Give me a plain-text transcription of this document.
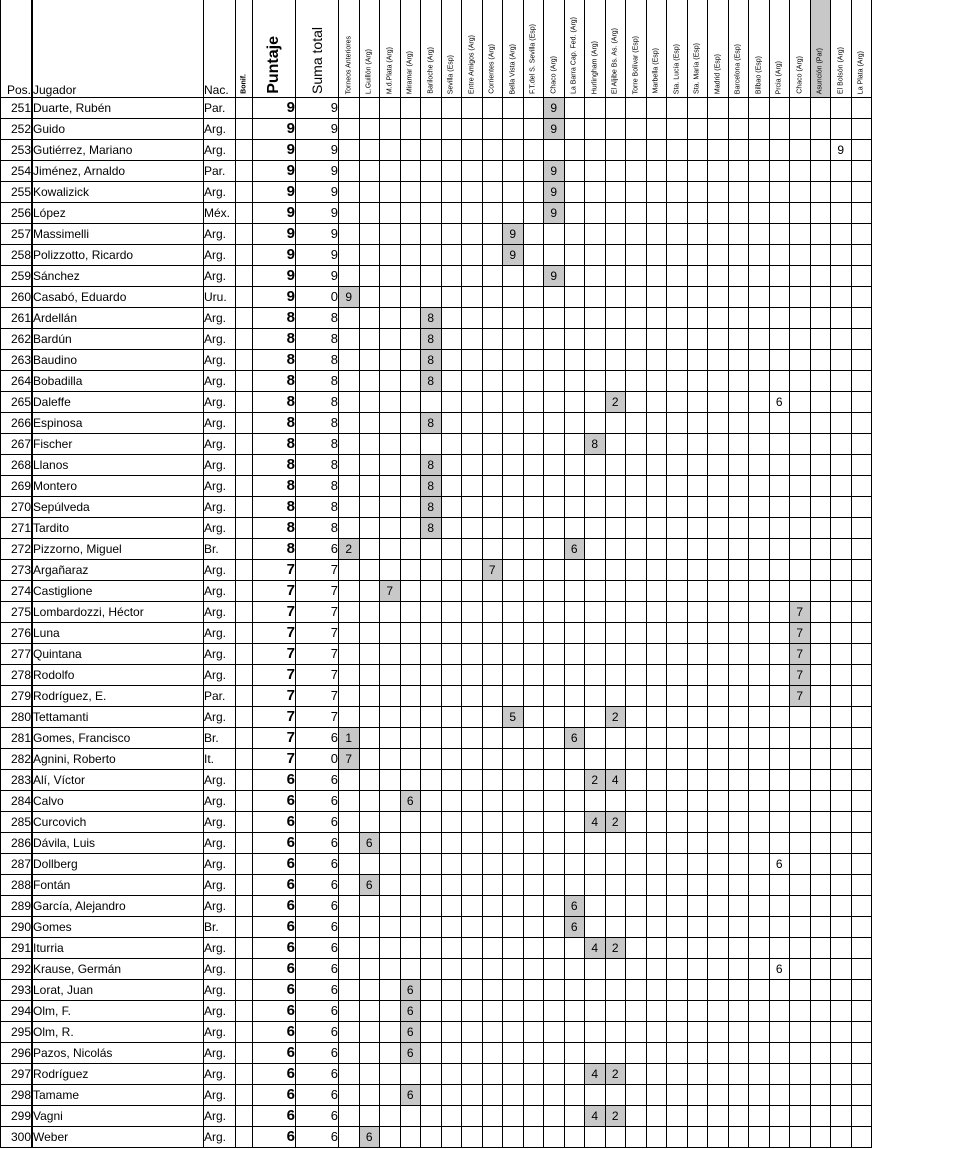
Pos.		Jugador	Nac.	Bonif.	Puntaje	Suma total	Torneos Anteriores	L.Guillón (Arg)	M.d.Plata (Arg)	Miramar (Arg)	Bariloche (Arg)	Sevilla (Esp)	Entre Amigos (Arg)	Corrientes (Arg)	Bella Vista (Arg)	F.T.del S. Sevilla (Esp)	Chaco (Arg)	La Barra Cap. Fed. (Arg)	Hurlingham (Arg)	El Aljibe Bs. As. (Arg)	Torre Bolívar (Esp)	Marbella (Esp)	Sta. Lucía (Esp)	Sta. María (Esp)	Madrid (Esp)	Barcelona (Esp)	Bilbao (Esp)	Prcia (Arg)	Chaco (Arg)	Asunción (Par)	El Bolsón (Arg)	La Plata (Arg)

251		Duarte, Rubén	Par.		9	9											9															
252		Guido	Arg.		9	9											9															
253		Gutiérrez, Mariano	Arg.		9	9																									9	
254		Jiménez, Arnaldo	Par.		9	9											9															
255		Kowalizick	Arg.		9	9											9															
256		López	Méx.		9	9											9															
257		Massimelli	Arg.		9	9									9																	
258		Polizzotto, Ricardo	Arg.		9	9									9																	
259		Sánchez	Arg.		9	9											9															
260		Casabó, Eduardo	Uru.		9	0	9																									
261		Ardellán	Arg.		8	8					8																					
262		Bardún	Arg.		8	8					8																					
263		Baudino	Arg.		8	8					8																					
264		Bobadilla	Arg.		8	8					8																					
265		Daleffe	Arg.		8	8														2								6				
266		Espinosa	Arg.		8	8					8																					
267		Fischer	Arg.		8	8													8													
268		Llanos	Arg.		8	8					8																					
269		Montero	Arg.		8	8					8																					
270		Sepúlveda	Arg.		8	8					8																					
271		Tardito	Arg.		8	8					8																					
272		Pizzorno, Miguel	Br.		8	6	2											6														
273		Argañaraz	Arg.		7	7								7																		
274		Castiglione	Arg.		7	7			7																							
275		Lombardozzi, Héctor	Arg.		7	7																							7			
276		Luna	Arg.		7	7																							7			
277		Quintana	Arg.		7	7																							7			
278		Rodolfo	Arg.		7	7																							7			
279		Rodríguez, E.	Par.		7	7																							7			
280		Tettamanti	Arg.		7	7									5					2												
281		Gomes, Francisco	Br.		7	6	1											6														
282		Agnini, Roberto	It.		7	0	7																									
283		Alí, Víctor	Arg.		6	6													2	4												
284		Calvo	Arg.		6	6				6																						
285		Curcovich	Arg.		6	6													4	2												
286		Dávila, Luis	Arg.		6	6		6																								
287		Dollberg	Arg.		6	6																						6				
288		Fontán	Arg.		6	6		6																								
289		García, Alejandro	Arg.		6	6												6														
290		Gomes	Br.		6	6												6														
291		Iturria	Arg.		6	6													4	2												
292		Krause, Germán	Arg.		6	6																						6				
293		Lorat, Juan	Arg.		6	6				6																						
294		Olm, F.	Arg.		6	6				6																						
295		Olm, R.	Arg.		6	6				6																						
296		Pazos, Nicolás	Arg.		6	6				6																						
297		Rodríguez	Arg.		6	6													4	2												
298		Tamame	Arg.		6	6				6																						
299		Vagni	Arg.		6	6													4	2												
300		Weber	Arg.		6	6		6																								
